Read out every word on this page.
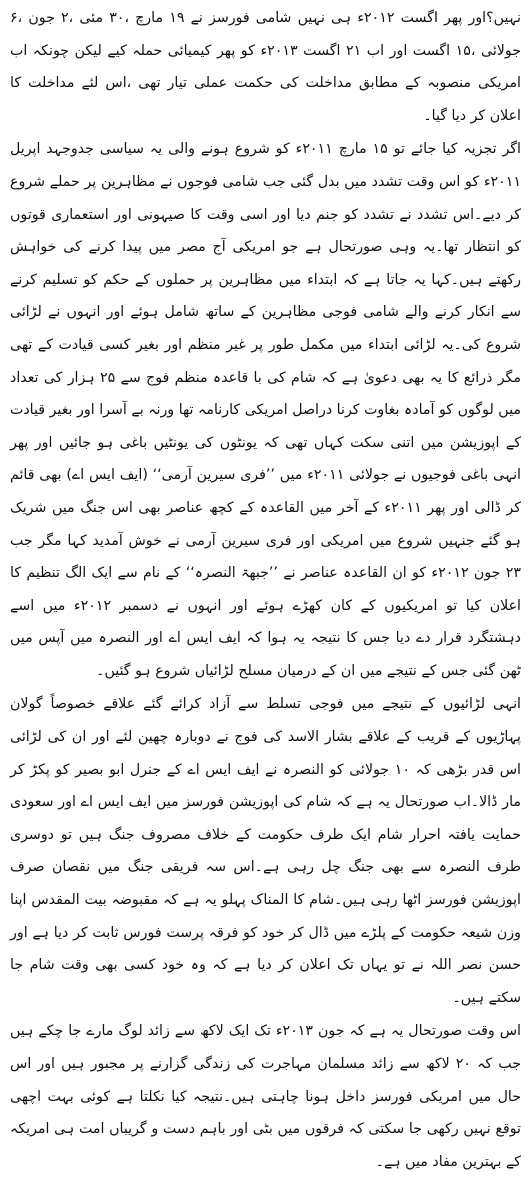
نہیں؟اور پھر اگست ۲۰۱۲ء ہی نہیں شامی فورسز نے ۱۹ مارچ ،۳۰ مئی ،۲ جون ،۶ جولائی ،۱۵ اگست اور اب ۲۱ اگست ۲۰۱۳ء کو پھر کیمیائی حملہ کیے لیکن چونکہ اب امریکی منصوبہ کے مطابق مداخلت کی حکمت عملی تیار تھی ،اس لئے مداخلت کا اعلان کر دیا گیا۔

اگر تجزیہ کیا جائے تو ۱۵ مارچ ۲۰۱۱ء کو شروع ہونے والی یہ سیاسی جدوجہد اپریل ۲۰۱۱ء کو اس وقت تشدد میں بدل گئی جب شامی فوجوں نے مظاہرین پر حملے شروع کر دیے۔اس تشدد نے تشدد کو جنم دیا اور اسی وقت کا صیہونی اور استعماری قوتوں کو انتظار تھا۔یہ وہی صورتحال ہے جو امریکی آج مصر میں پیدا کرنے کی خواہش رکھتے ہیں۔کہا یہ جاتا ہے کہ ابتداء میں مظاہرین پر حملوں کے حکم کو تسلیم کرنے سے انکار کرنے والے شامی فوجی مظاہرین کے ساتھ شامل ہوئے اور انہوں نے لڑائی شروع کی۔یہ لڑائی ابتداء میں مکمل طور پر غیر منظم اور بغیر کسی قیادت کے تھی مگر ذرائع کا یہ بھی دعویٰ ہے کہ شام کی با قاعدہ منظم فوج سے ۲۵ ہزار کی تعداد میں لوگوں کو آمادہ بغاوت کرنا دراصل امریکی کارنامہ تھا ورنہ بے آسرا اور بغیر قیادت کے اپوزیشن میں اتنی سکت کہاں تھی کہ یونٹوں کی یونٹیں باغی ہو جائیں اور پھر انہی باغی فوجیوں نے جولائی ۲۰۱۱ء میں ’’فری سیرین آرمی‘‘ (ایف ایس اے) بھی قائم کر ڈالی اور پھر ۲۰۱۱ء کے آخر میں القاعدہ کے کچھ عناصر بھی اس جنگ میں شریک ہو گئے جنہیں شروع میں امریکی اور فری سیرین آرمی نے خوش آمدید کہا مگر جب ۲۳ جون ۲۰۱۲ء کو ان القاعدہ عناصر نے ’’جبھۃ النصرہ‘‘ کے نام سے ایک الگ تنظیم کا اعلان کیا تو امریکیوں کے کان کھڑے ہوئے اور انہوں نے دسمبر ۲۰۱۲ء میں اسے دہشتگرد قرار دے دیا جس کا نتیجہ یہ ہوا کہ ایف ایس اے اور النصرہ میں آپس میں ٹھن گئی جس کے نتیجے میں ان کے درمیان مسلح لڑائیاں شروع ہو گئیں۔

انہی لڑائیوں کے نتیجے میں فوجی تسلط سے آزاد کرائے گئے علاقے خصوصاً گولان پہاڑیوں کے قریب کے علاقے بشار الاسد کی فوج نے دوبارہ چھین لئے اور ان کی لڑائی اس قدر بڑھی کہ ۱۰ جولائی کو النصرہ نے ایف ایس اے کے جنرل ابو بصیر کو پکڑ کر مار ڈالا۔اب صورتحال یہ ہے کہ شام کی اپوزیشن فورسز میں ایف ایس اے اور سعودی حمایت یافتہ احرار شام ایک طرف حکومت کے خلاف مصروف جنگ ہیں تو دوسری طرف النصرہ سے بھی جنگ چل رہی ہے۔اس سہ فریقی جنگ میں نقصان صرف اپوزیشن فورسز اٹھا رہی ہیں۔شام کا المناک پہلو یہ ہے کہ مقبوضہ بیت المقدس اپنا وزن شیعہ حکومت کے پلڑے میں ڈال کر خود کو فرقہ پرست فورس ثابت کر دیا ہے اور حسن نصر اللہ نے تو یہاں تک اعلان کر دیا ہے کہ وہ خود کسی بھی وقت شام جا سکتے ہیں۔

اس وقت صورتحال یہ ہے کہ جون ۲۰۱۳ء تک ایک لاکھ سے زائد لوگ مارے جا چکے ہیں جب کہ ۲۰ لاکھ سے زائد مسلمان مہاجرت کی زندگی گزارنے پر مجبور ہیں اور اس حال میں امریکی فورسز داخل ہونا چاہتی ہیں۔نتیجہ کیا نکلتا ہے کوئی بہت اچھی توقع نہیں رکھی جا سکتی کہ فرقوں میں بٹی اور باہم دست و گریباں امت ہی امریکہ کے بہترین مفاد میں ہے۔
